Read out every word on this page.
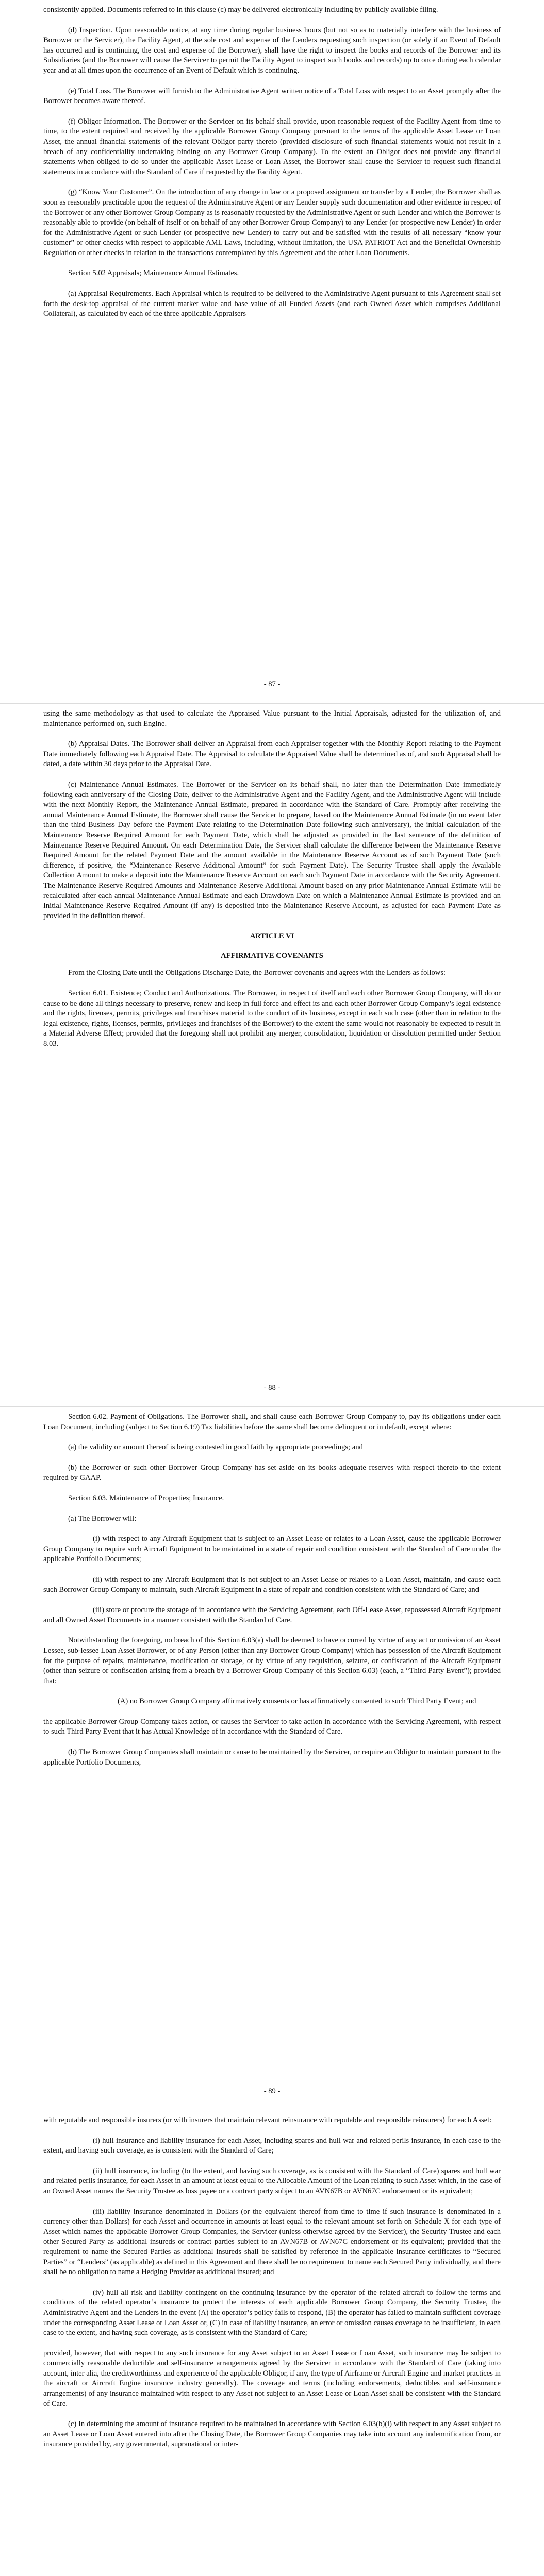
consistently applied. Documents referred to in this clause (c) may be delivered electronically including by publicly available filing.

(d) Inspection. Upon reasonable notice, at any time during regular business hours (but not so as to materially interfere with the business of Borrower or the Servicer), the Facility Agent, at the sole cost and expense of the Lenders requesting such inspection (or solely if an Event of Default has occurred and is continuing, the cost and expense of the Borrower), shall have the right to inspect the books and records of the Borrower and its Subsidiaries (and the Borrower will cause the Servicer to permit the Facility Agent to inspect such books and records) up to once during each calendar year and at all times upon the occurrence of an Event of Default which is continuing.

(e) Total Loss. The Borrower will furnish to the Administrative Agent written notice of a Total Loss with respect to an Asset promptly after the Borrower becomes aware thereof.

(f) Obligor Information. The Borrower or the Servicer on its behalf shall provide, upon reasonable request of the Facility Agent from time to time, to the extent required and received by the applicable Borrower Group Company pursuant to the terms of the applicable Asset Lease or Loan Asset, the annual financial statements of the relevant Obligor party thereto (provided disclosure of such financial statements would not result in a breach of any confidentiality undertaking binding on any Borrower Group Company). To the extent an Obligor does not provide any financial statements when obliged to do so under the applicable Asset Lease or Loan Asset, the Borrower shall cause the Servicer to request such financial statements in accordance with the Standard of Care if requested by the Facility Agent.

(g) “Know Your Customer”. On the introduction of any change in law or a proposed assignment or transfer by a Lender, the Borrower shall as soon as reasonably practicable upon the request of the Administrative Agent or any Lender supply such documentation and other evidence in respect of the Borrower or any other Borrower Group Company as is reasonably requested by the Administrative Agent or such Lender and which the Borrower is reasonably able to provide (on behalf of itself or on behalf of any other Borrower Group Company) to any Lender (or prospective new Lender) in order for the Administrative Agent or such Lender (or prospective new Lender) to carry out and be satisfied with the results of all necessary “know your customer” or other checks with respect to applicable AML Laws, including, without limitation, the USA PATRIOT Act and the Beneficial Ownership Regulation or other checks in relation to the transactions contemplated by this Agreement and the other Loan Documents.

Section 5.02 Appraisals; Maintenance Annual Estimates.

(a) Appraisal Requirements. Each Appraisal which is required to be delivered to the Administrative Agent pursuant to this Agreement shall set forth the desk-top appraisal of the current market value and base value of all Funded Assets (and each Owned Asset which comprises Additional Collateral), as calculated by each of the three applicable Appraisers

- 87 -

using the same methodology as that used to calculate the Appraised Value pursuant to the Initial Appraisals, adjusted for the utilization of, and maintenance performed on, such Engine.

(b) Appraisal Dates. The Borrower shall deliver an Appraisal from each Appraiser together with the Monthly Report relating to the Payment Date immediately following each Appraisal Date. The Appraisal to calculate the Appraised Value shall be determined as of, and such Appraisal shall be dated, a date within 30 days prior to the Appraisal Date.

(c) Maintenance Annual Estimates. The Borrower or the Servicer on its behalf shall, no later than the Determination Date immediately following each anniversary of the Closing Date, deliver to the Administrative Agent and the Facility Agent, and the Administrative Agent will include with the next Monthly Report, the Maintenance Annual Estimate, prepared in accordance with the Standard of Care. Promptly after receiving the annual Maintenance Annual Estimate, the Borrower shall cause the Servicer to prepare, based on the Maintenance Annual Estimate (in no event later than the third Business Day before the Payment Date relating to the Determination Date following such anniversary), the initial calculation of the Maintenance Reserve Required Amount for each Payment Date, which shall be adjusted as provided in the last sentence of the definition of Maintenance Reserve Required Amount. On each Determination Date, the Servicer shall calculate the difference between the Maintenance Reserve Required Amount for the related Payment Date and the amount available in the Maintenance Reserve Account as of such Payment Date (such difference, if positive, the “Maintenance Reserve Additional Amount” for such Payment Date). The Security Trustee shall apply the Available Collection Amount to make a deposit into the Maintenance Reserve Account on each such Payment Date in accordance with the Security Agreement. The Maintenance Reserve Required Amounts and Maintenance Reserve Additional Amount based on any prior Maintenance Annual Estimate will be recalculated after each annual Maintenance Annual Estimate and each Drawdown Date on which a Maintenance Annual Estimate is provided and an Initial Maintenance Reserve Required Amount (if any) is deposited into the Maintenance Reserve Account, as adjusted for each Payment Date as provided in the definition thereof.

ARTICLE VI

AFFIRMATIVE COVENANTS

From the Closing Date until the Obligations Discharge Date, the Borrower covenants and agrees with the Lenders as follows:

Section 6.01. Existence; Conduct and Authorizations. The Borrower, in respect of itself and each other Borrower Group Company, will do or cause to be done all things necessary to preserve, renew and keep in full force and effect its and each other Borrower Group Company’s legal existence and the rights, licenses, permits, privileges and franchises material to the conduct of its business, except in each such case (other than in relation to the legal existence, rights, licenses, permits, privileges and franchises of the Borrower) to the extent the same would not reasonably be expected to result in a Material Adverse Effect; provided that the foregoing shall not prohibit any merger, consolidation, liquidation or dissolution permitted under Section 8.03.

- 88 -

Section 6.02. Payment of Obligations. The Borrower shall, and shall cause each Borrower Group Company to, pay its obligations under each Loan Document, including (subject to Section 6.19) Tax liabilities before the same shall become delinquent or in default, except where:

(a) the validity or amount thereof is being contested in good faith by appropriate proceedings; and

(b) the Borrower or such other Borrower Group Company has set aside on its books adequate reserves with respect thereto to the extent required by GAAP.

Section 6.03. Maintenance of Properties; Insurance.

(a) The Borrower will:

(i) with respect to any Aircraft Equipment that is subject to an Asset Lease or relates to a Loan Asset, cause the applicable Borrower Group Company to require such Aircraft Equipment to be maintained in a state of repair and condition consistent with the Standard of Care under the applicable Portfolio Documents;

(ii) with respect to any Aircraft Equipment that is not subject to an Asset Lease or relates to a Loan Asset, maintain, and cause each such Borrower Group Company to maintain, such Aircraft Equipment in a state of repair and condition consistent with the Standard of Care; and

(iii) store or procure the storage of in accordance with the Servicing Agreement, each Off-Lease Asset, repossessed Aircraft Equipment and all Owned Asset Documents in a manner consistent with the Standard of Care.

Notwithstanding the foregoing, no breach of this Section 6.03(a) shall be deemed to have occurred by virtue of any act or omission of an Asset Lessee, sub-lessee Loan Asset Borrower, or of any Person (other than any Borrower Group Company) which has possession of the Aircraft Equipment for the purpose of repairs, maintenance, modification or storage, or by virtue of any requisition, seizure, or confiscation of the Aircraft Equipment (other than seizure or confiscation arising from a breach by a Borrower Group Company of this Section 6.03) (each, a “Third Party Event”); provided that:

(A) no Borrower Group Company affirmatively consents or has affirmatively consented to such Third Party Event; and

the applicable Borrower Group Company takes action, or causes the Servicer to take action in accordance with the Servicing Agreement, with respect to such Third Party Event that it has Actual Knowledge of in accordance with the Standard of Care.

(b) The Borrower Group Companies shall maintain or cause to be maintained by the Servicer, or require an Obligor to maintain pursuant to the applicable Portfolio Documents,

- 89 -

with reputable and responsible insurers (or with insurers that maintain relevant reinsurance with reputable and responsible reinsurers) for each Asset:

(i) hull insurance and liability insurance for each Asset, including spares and hull war and related perils insurance, in each case to the extent, and having such coverage, as is consistent with the Standard of Care;

(ii) hull insurance, including (to the extent, and having such coverage, as is consistent with the Standard of Care) spares and hull war and related perils insurance, for each Asset in an amount at least equal to the Allocable Amount of the Loan relating to such Asset which, in the case of an Owned Asset names the Security Trustee as loss payee or a contract party subject to an AVN67B or AVN67C endorsement or its equivalent;

(iii) liability insurance denominated in Dollars (or the equivalent thereof from time to time if such insurance is denominated in a currency other than Dollars) for each Asset and occurrence in amounts at least equal to the relevant amount set forth on Schedule X for each type of Asset which names the applicable Borrower Group Companies, the Servicer (unless otherwise agreed by the Servicer), the Security Trustee and each other Secured Party as additional insureds or contract parties subject to an AVN67B or AVN67C endorsement or its equivalent; provided that the requirement to name the Secured Parties as additional insureds shall be satisfied by reference in the applicable insurance certificates to “Secured Parties” or “Lenders” (as applicable) as defined in this Agreement and there shall be no requirement to name each Secured Party individually, and there shall be no obligation to name a Hedging Provider as additional insured; and

(iv) hull all risk and liability contingent on the continuing insurance by the operator of the related aircraft to follow the terms and conditions of the related operator’s insurance to protect the interests of each applicable Borrower Group Company, the Security Trustee, the Administrative Agent and the Lenders in the event (A) the operator’s policy fails to respond, (B) the operator has failed to maintain sufficient coverage under the corresponding Asset Lease or Loan Asset or, (C) in case of liability insurance, an error or omission causes coverage to be insufficient, in each case to the extent, and having such coverage, as is consistent with the Standard of Care;

provided, however, that with respect to any such insurance for any Asset subject to an Asset Lease or Loan Asset, such insurance may be subject to commercially reasonable deductible and self-insurance arrangements agreed by the Servicer in accordance with the Standard of Care (taking into account, inter alia, the creditworthiness and experience of the applicable Obligor, if any, the type of Airframe or Aircraft Engine and market practices in the aircraft or Aircraft Engine insurance industry generally). The coverage and terms (including endorsements, deductibles and self-insurance arrangements) of any insurance maintained with respect to any Asset not subject to an Asset Lease or Loan Asset shall be consistent with the Standard of Care.

(c) In determining the amount of insurance required to be maintained in accordance with Section 6.03(b)(i) with respect to any Asset subject to an Asset Lease or Loan Asset entered into after the Closing Date, the Borrower Group Companies may take into account any indemnification from, or insurance provided by, any governmental, supranational or inter-
